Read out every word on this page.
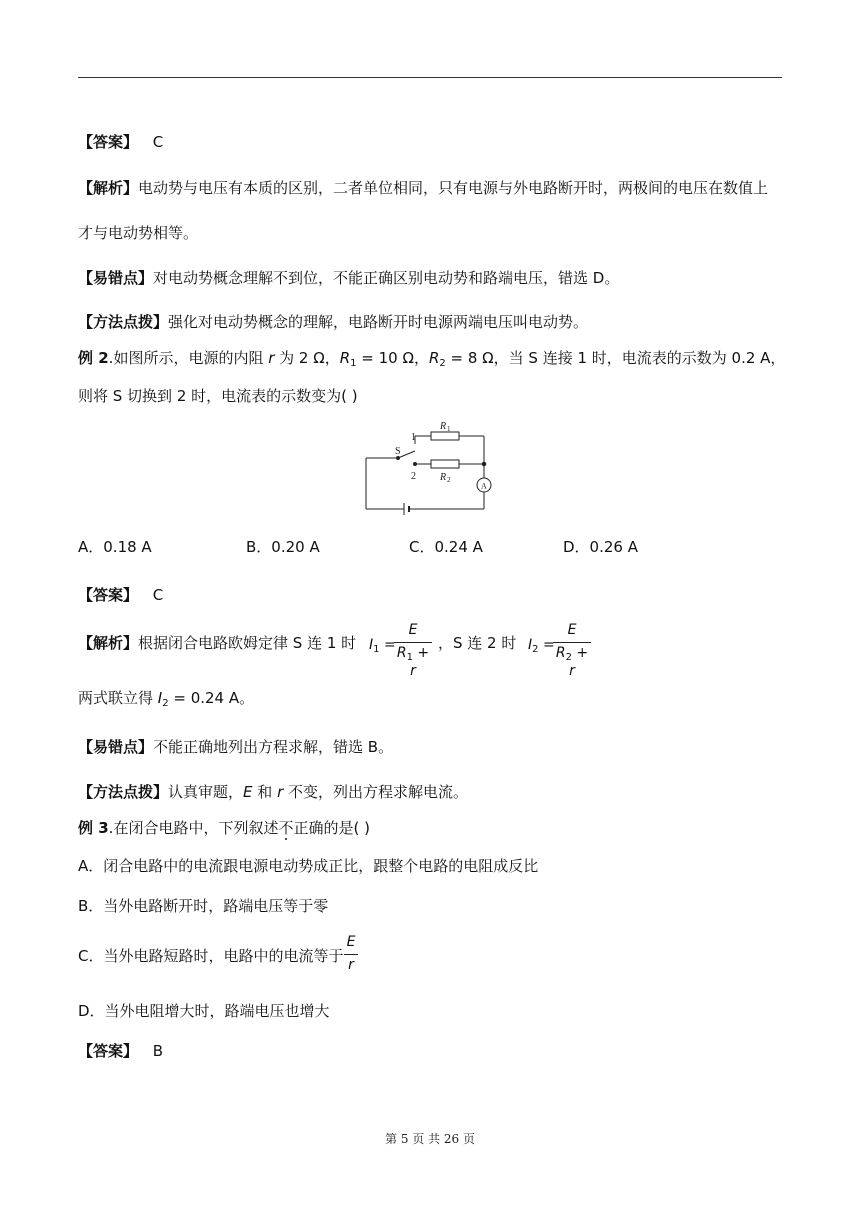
【答案】 C
【解析】电动势与电压有本质的区别，二者单位相同，只有电源与外电路断开时，两极间的电压在数值上
才与电动势相等。
【易错点】对电动势概念理解不到位，不能正确区别电动势和路端电压，错选 D。
【方法点拨】强化对电动势概念的理解，电路断开时电源两端电压叫电动势。
例 2.如图所示，电源的内阻 r 为 2 Ω，$R_1 = 10$ Ω，$R_2 = 8$ Ω，当 S 连接 1 时，电流表的示数为 0.2 A，
则将 S 切换到 2 时，电流表的示数变为( )
R 1
R 2
S
1
2
A
A．0.18 A	B．0.20 A	C．0.24 A	D．0.26 A
【答案】 C
【解析】根据闭合电路欧姆定律 S 连 1 时 $I_1$ =
E
$R_1 + r$
，S 连 2 时 $I_2$ =
E
$R_2 + r$
两式联立得 $I_2 = 0.24$ A。
【易错点】不能正确地列出方程求解，错选 B。
【方法点拨】认真审题，E 和 r 不变，列出方程求解电流。
例 3.在闭合电路中，下列叙述不正确的是( )
A．闭合电路中的电流跟电源电动势成正比，跟整个电路的电阻成反比
B．当外电路断开时，路端电压等于零
C．当外电路短路时，电路中的电流等于
E
r
D．当外电阻增大时，路端电压也增大
【答案】 B
第 5 页 共 26 页
